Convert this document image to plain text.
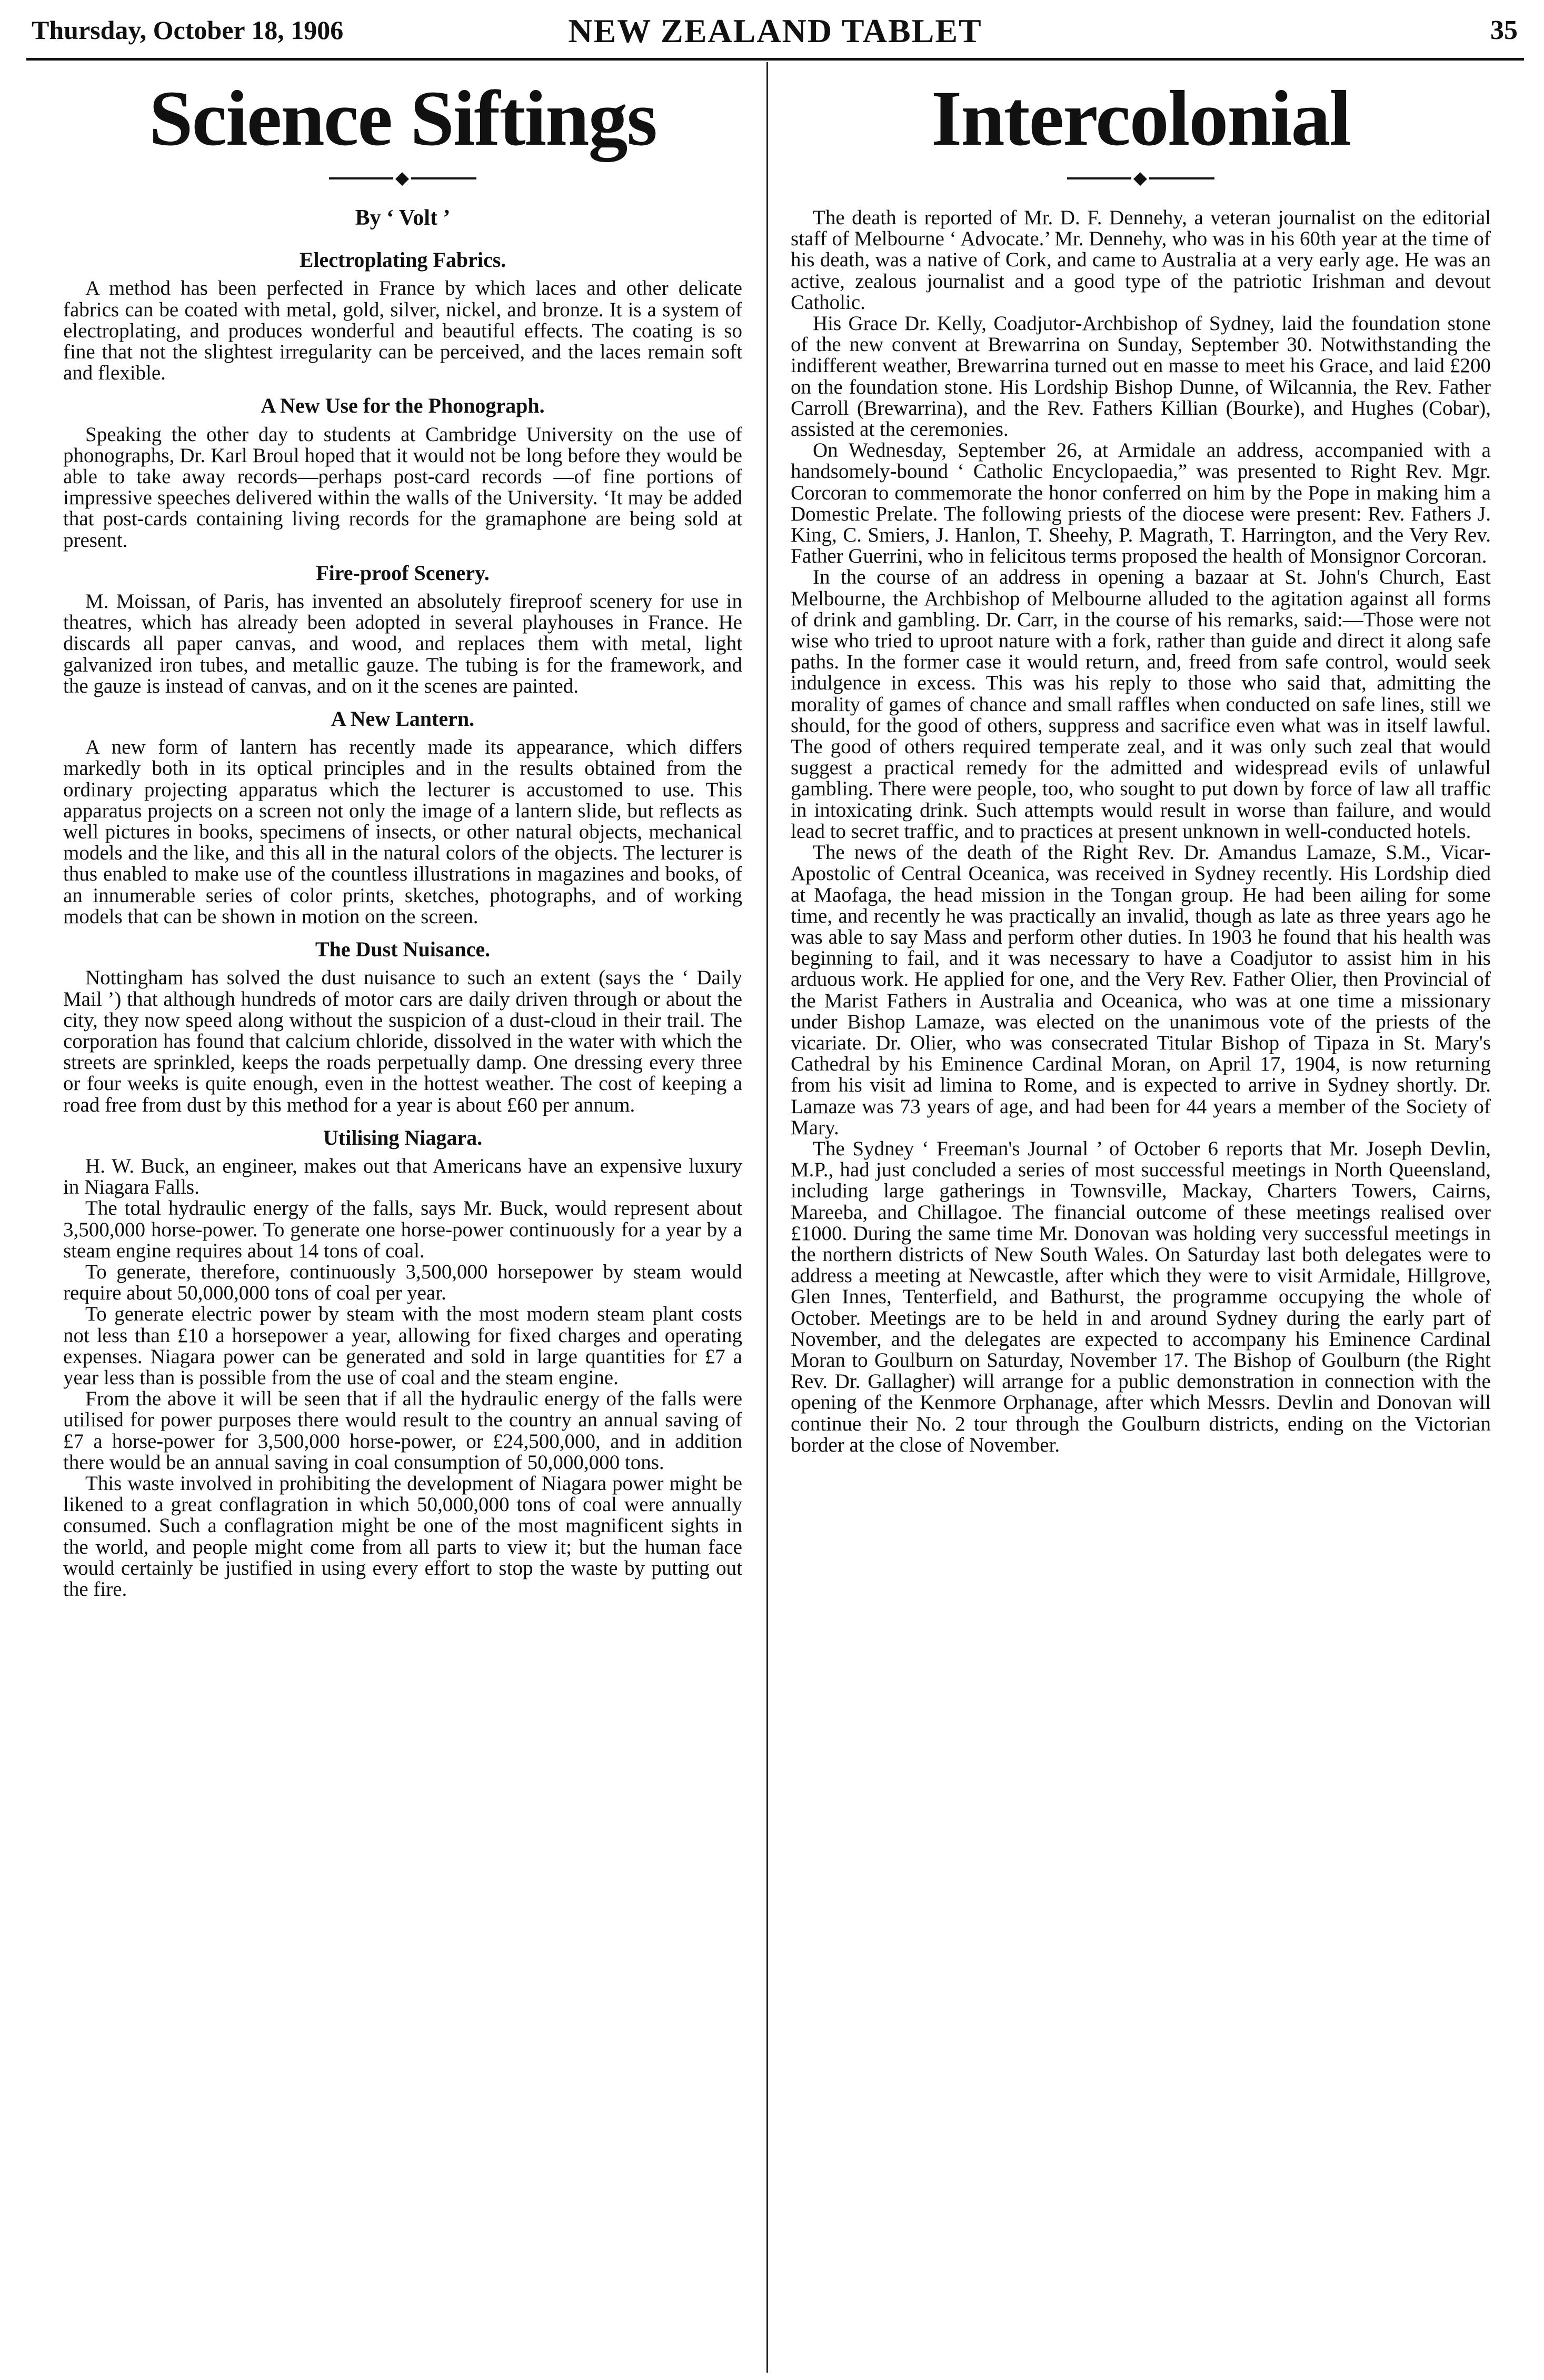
Thursday, October 18, 1906	NEW ZEALAND TABLET	35
Science Siftings
◆
By ‘ Volt ’
Electroplating Fabrics.

A method has been perfected in France by which laces and other delicate fabrics can be coated with metal, gold, silver, nickel, and bronze. It is a system of electroplating, and produces wonderful and beautiful effects. The coating is so fine that not the slightest irregularity can be perceived, and the laces remain soft and flexible.

A New Use for the Phonograph.

Speaking the other day to students at Cambridge University on the use of phonographs, Dr. Karl Broul hoped that it would not be long before they would be able to take away records—perhaps post-card records —of fine portions of impressive speeches delivered within the walls of the University. ‘It may be added that post-cards containing living records for the gramaphone are being sold at present.

Fire-proof Scenery.

M. Moissan, of Paris, has invented an absolutely fireproof scenery for use in theatres, which has already been adopted in several playhouses in France. He discards all paper canvas, and wood, and replaces them with metal, light galvanized iron tubes, and metallic gauze. The tubing is for the framework, and the gauze is instead of canvas, and on it the scenes are painted.

A New Lantern.

A new form of lantern has recently made its appearance, which differs markedly both in its optical principles and in the results obtained from the ordinary projecting apparatus which the lecturer is accustomed to use. This apparatus projects on a screen not only the image of a lantern slide, but reflects as well pictures in books, specimens of insects, or other natural objects, mechanical models and the like, and this all in the natural colors of the objects. The lecturer is thus enabled to make use of the countless illustrations in magazines and books, of an innumerable series of color prints, sketches, photographs, and of working models that can be shown in motion on the screen.

The Dust Nuisance.

Nottingham has solved the dust nuisance to such an extent (says the ‘ Daily Mail ’) that although hundreds of motor cars are daily driven through or about the city, they now speed along without the suspicion of a dust-cloud in their trail. The corporation has found that calcium chloride, dissolved in the water with which the streets are sprinkled, keeps the roads perpetually damp. One dressing every three or four weeks is quite enough, even in the hottest weather. The cost of keeping a road free from dust by this method for a year is about £60 per annum.

Utilising Niagara.

H. W. Buck, an engineer, makes out that Americans have an expensive luxury in Niagara Falls.

The total hydraulic energy of the falls, says Mr. Buck, would represent about 3,500,000 horse-power. To generate one horse-power continuously for a year by a steam engine requires about 14 tons of coal.

To generate, therefore, continuously 3,500,000 horsepower by steam would require about 50,000,000 tons of coal per year.

To generate electric power by steam with the most modern steam plant costs not less than £10 a horsepower a year, allowing for fixed charges and operating expenses. Niagara power can be generated and sold in large quantities for £7 a year less than is possible from the use of coal and the steam engine.

From the above it will be seen that if all the hydraulic energy of the falls were utilised for power purposes there would result to the country an annual saving of £7 a horse-power for 3,500,000 horse-power, or £24,500,000, and in addition there would be an annual saving in coal consumption of 50,000,000 tons.

This waste involved in prohibiting the development of Niagara power might be likened to a great conflagration in which 50,000,000 tons of coal were annually consumed. Such a conflagration might be one of the most magnificent sights in the world, and people might come from all parts to view it; but the human face would certainly be justified in using every effort to stop the waste by putting out the fire.

Intercolonial
◆

The death is reported of Mr. D. F. Dennehy, a veteran journalist on the editorial staff of Melbourne ‘ Advocate.’ Mr. Dennehy, who was in his 60th year at the time of his death, was a native of Cork, and came to Australia at a very early age. He was an active, zealous journalist and a good type of the patriotic Irishman and devout Catholic.

His Grace Dr. Kelly, Coadjutor-Archbishop of Sydney, laid the foundation stone of the new convent at Brewarrina on Sunday, September 30. Notwithstanding the indifferent weather, Brewarrina turned out en masse to meet his Grace, and laid £200 on the foundation stone. His Lordship Bishop Dunne, of Wilcannia, the Rev. Father Carroll (Brewarrina), and the Rev. Fathers Killian (Bourke), and Hughes (Cobar), assisted at the ceremonies.

On Wednesday, September 26, at Armidale an address, accompanied with a handsomely-bound ‘ Catholic Encyclopaedia,” was presented to Right Rev. Mgr. Corcoran to commemorate the honor conferred on him by the Pope in making him a Domestic Prelate. The following priests of the diocese were present: Rev. Fathers J. King, C. Smiers, J. Hanlon, T. Sheehy, P. Magrath, T. Harrington, and the Very Rev. Father Guerrini, who in felicitous terms proposed the health of Monsignor Corcoran.

In the course of an address in opening a bazaar at St. John's Church, East Melbourne, the Archbishop of Melbourne alluded to the agitation against all forms of drink and gambling. Dr. Carr, in the course of his remarks, said:—Those were not wise who tried to uproot nature with a fork, rather than guide and direct it along safe paths. In the former case it would return, and, freed from safe control, would seek indulgence in excess. This was his reply to those who said that, admitting the morality of games of chance and small raffles when conducted on safe lines, still we should, for the good of others, suppress and sacrifice even what was in itself lawful. The good of others required temperate zeal, and it was only such zeal that would suggest a practical remedy for the admitted and widespread evils of unlawful gambling. There were people, too, who sought to put down by force of law all traffic in intoxicating drink. Such attempts would result in worse than failure, and would lead to secret traffic, and to practices at present unknown in well-conducted hotels.

The news of the death of the Right Rev. Dr. Amandus Lamaze, S.M., Vicar-Apostolic of Central Oceanica, was received in Sydney recently. His Lordship died at Maofaga, the head mission in the Tongan group. He had been ailing for some time, and recently he was practically an invalid, though as late as three years ago he was able to say Mass and perform other duties. In 1903 he found that his health was beginning to fail, and it was necessary to have a Coadjutor to assist him in his arduous work. He applied for one, and the Very Rev. Father Olier, then Provincial of the Marist Fathers in Australia and Oceanica, who was at one time a missionary under Bishop Lamaze, was elected on the unanimous vote of the priests of the vicariate. Dr. Olier, who was consecrated Titular Bishop of Tipaza in St. Mary's Cathedral by his Eminence Cardinal Moran, on April 17, 1904, is now returning from his visit ad limina to Rome, and is expected to arrive in Sydney shortly. Dr. Lamaze was 73 years of age, and had been for 44 years a member of the Society of Mary.

The Sydney ‘ Freeman's Journal ’ of October 6 reports that Mr. Joseph Devlin, M.P., had just concluded a series of most successful meetings in North Queensland, including large gatherings in Townsville, Mackay, Charters Towers, Cairns, Mareeba, and Chillagoe. The financial outcome of these meetings realised over £1000. During the same time Mr. Donovan was holding very successful meetings in the northern districts of New South Wales. On Saturday last both delegates were to address a meeting at Newcastle, after which they were to visit Armidale, Hillgrove, Glen Innes, Tenterfield, and Bathurst, the programme occupying the whole of October. Meetings are to be held in and around Sydney during the early part of November, and the delegates are expected to accompany his Eminence Cardinal Moran to Goulburn on Saturday, November 17. The Bishop of Goulburn (the Right Rev. Dr. Gallagher) will arrange for a public demonstration in connection with the opening of the Kenmore Orphanage, after which Messrs. Devlin and Donovan will continue their No. 2 tour through the Goulburn districts, ending on the Victorian border at the close of November.
